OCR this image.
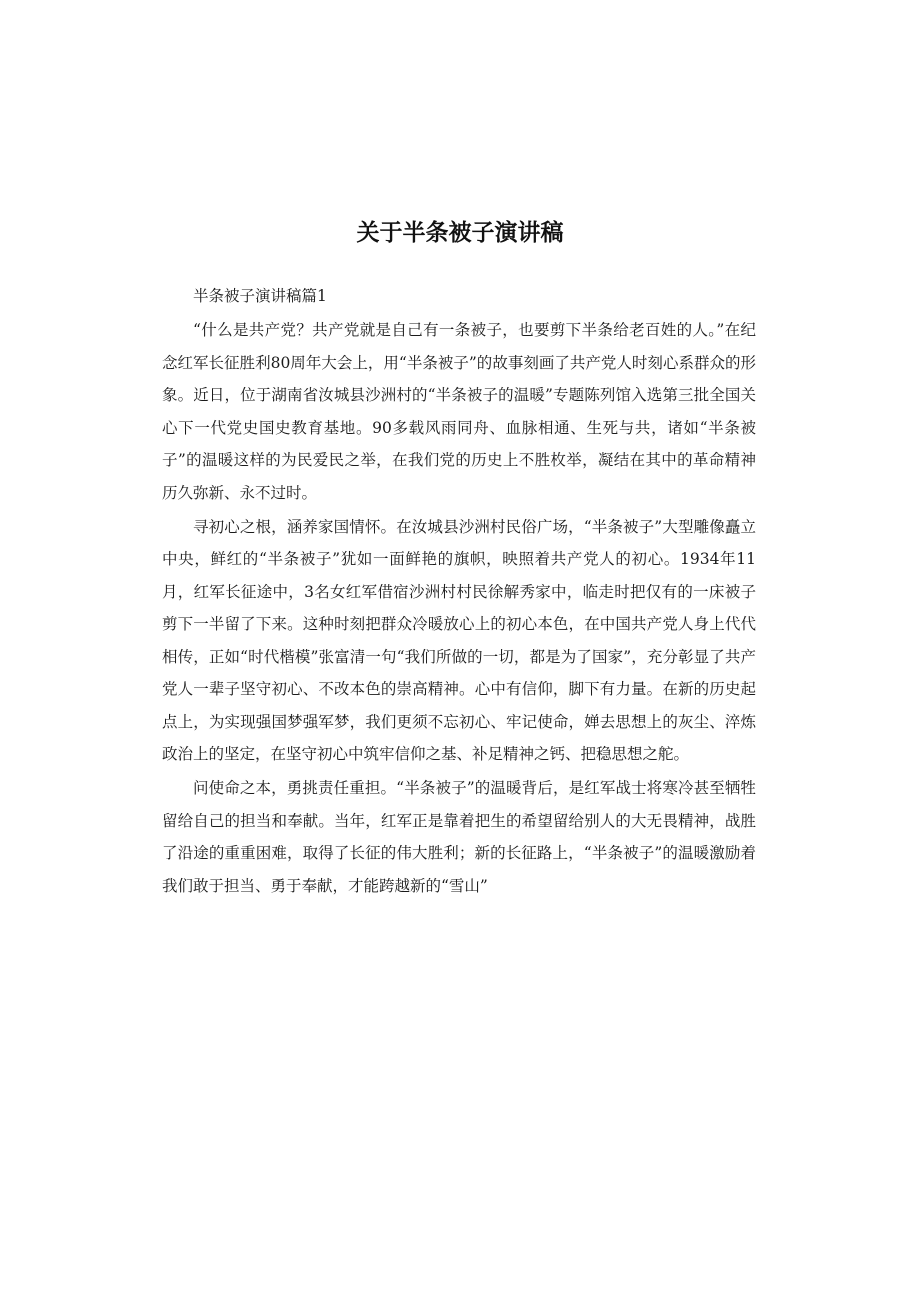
关于半条被子演讲稿

半条被子演讲稿篇1

“什么是共产党？共产党就是自己有一条被子，也要剪下半条给老百姓的人。”在纪念红军长征胜利80周年大会上，用“半条被子”的故事刻画了共产党人时刻心系群众的形象。近日，位于湖南省汝城县沙洲村的“半条被子的温暖”专题陈列馆入选第三批全国关心下一代党史国史教育基地。90多载风雨同舟、血脉相通、生死与共，诸如“半条被子”的温暖这样的为民爱民之举，在我们党的历史上不胜枚举，凝结在其中的革命精神历久弥新、永不过时。

寻初心之根，涵养家国情怀。在汝城县沙洲村民俗广场，“半条被子”大型雕像矗立中央，鲜红的“半条被子”犹如一面鲜艳的旗帜，映照着共产党人的初心。1934年11月，红军长征途中，3名女红军借宿沙洲村村民徐解秀家中，临走时把仅有的一床被子剪下一半留了下来。这种时刻把群众冷暖放心上的初心本色，在中国共产党人身上代代相传，正如“时代楷模”张富清一句“我们所做的一切，都是为了国家”，充分彰显了共产党人一辈子坚守初心、不改本色的崇高精神。心中有信仰，脚下有力量。在新的历史起点上，为实现强国梦强军梦，我们更须不忘初心、牢记使命，婵去思想上的灰尘、淬炼政治上的坚定，在坚守初心中筑牢信仰之基、补足精神之钙、把稳思想之舵。

问使命之本，勇挑责任重担。“半条被子”的温暖背后，是红军战士将寒冷甚至牺牲留给自己的担当和奉献。当年，红军正是靠着把生的希望留给别人的大无畏精神，战胜了沿途的重重困难，取得了长征的伟大胜利；新的长征路上，“半条被子”的温暖激励着我们敢于担当、勇于奉献，才能跨越新的“雪山”
